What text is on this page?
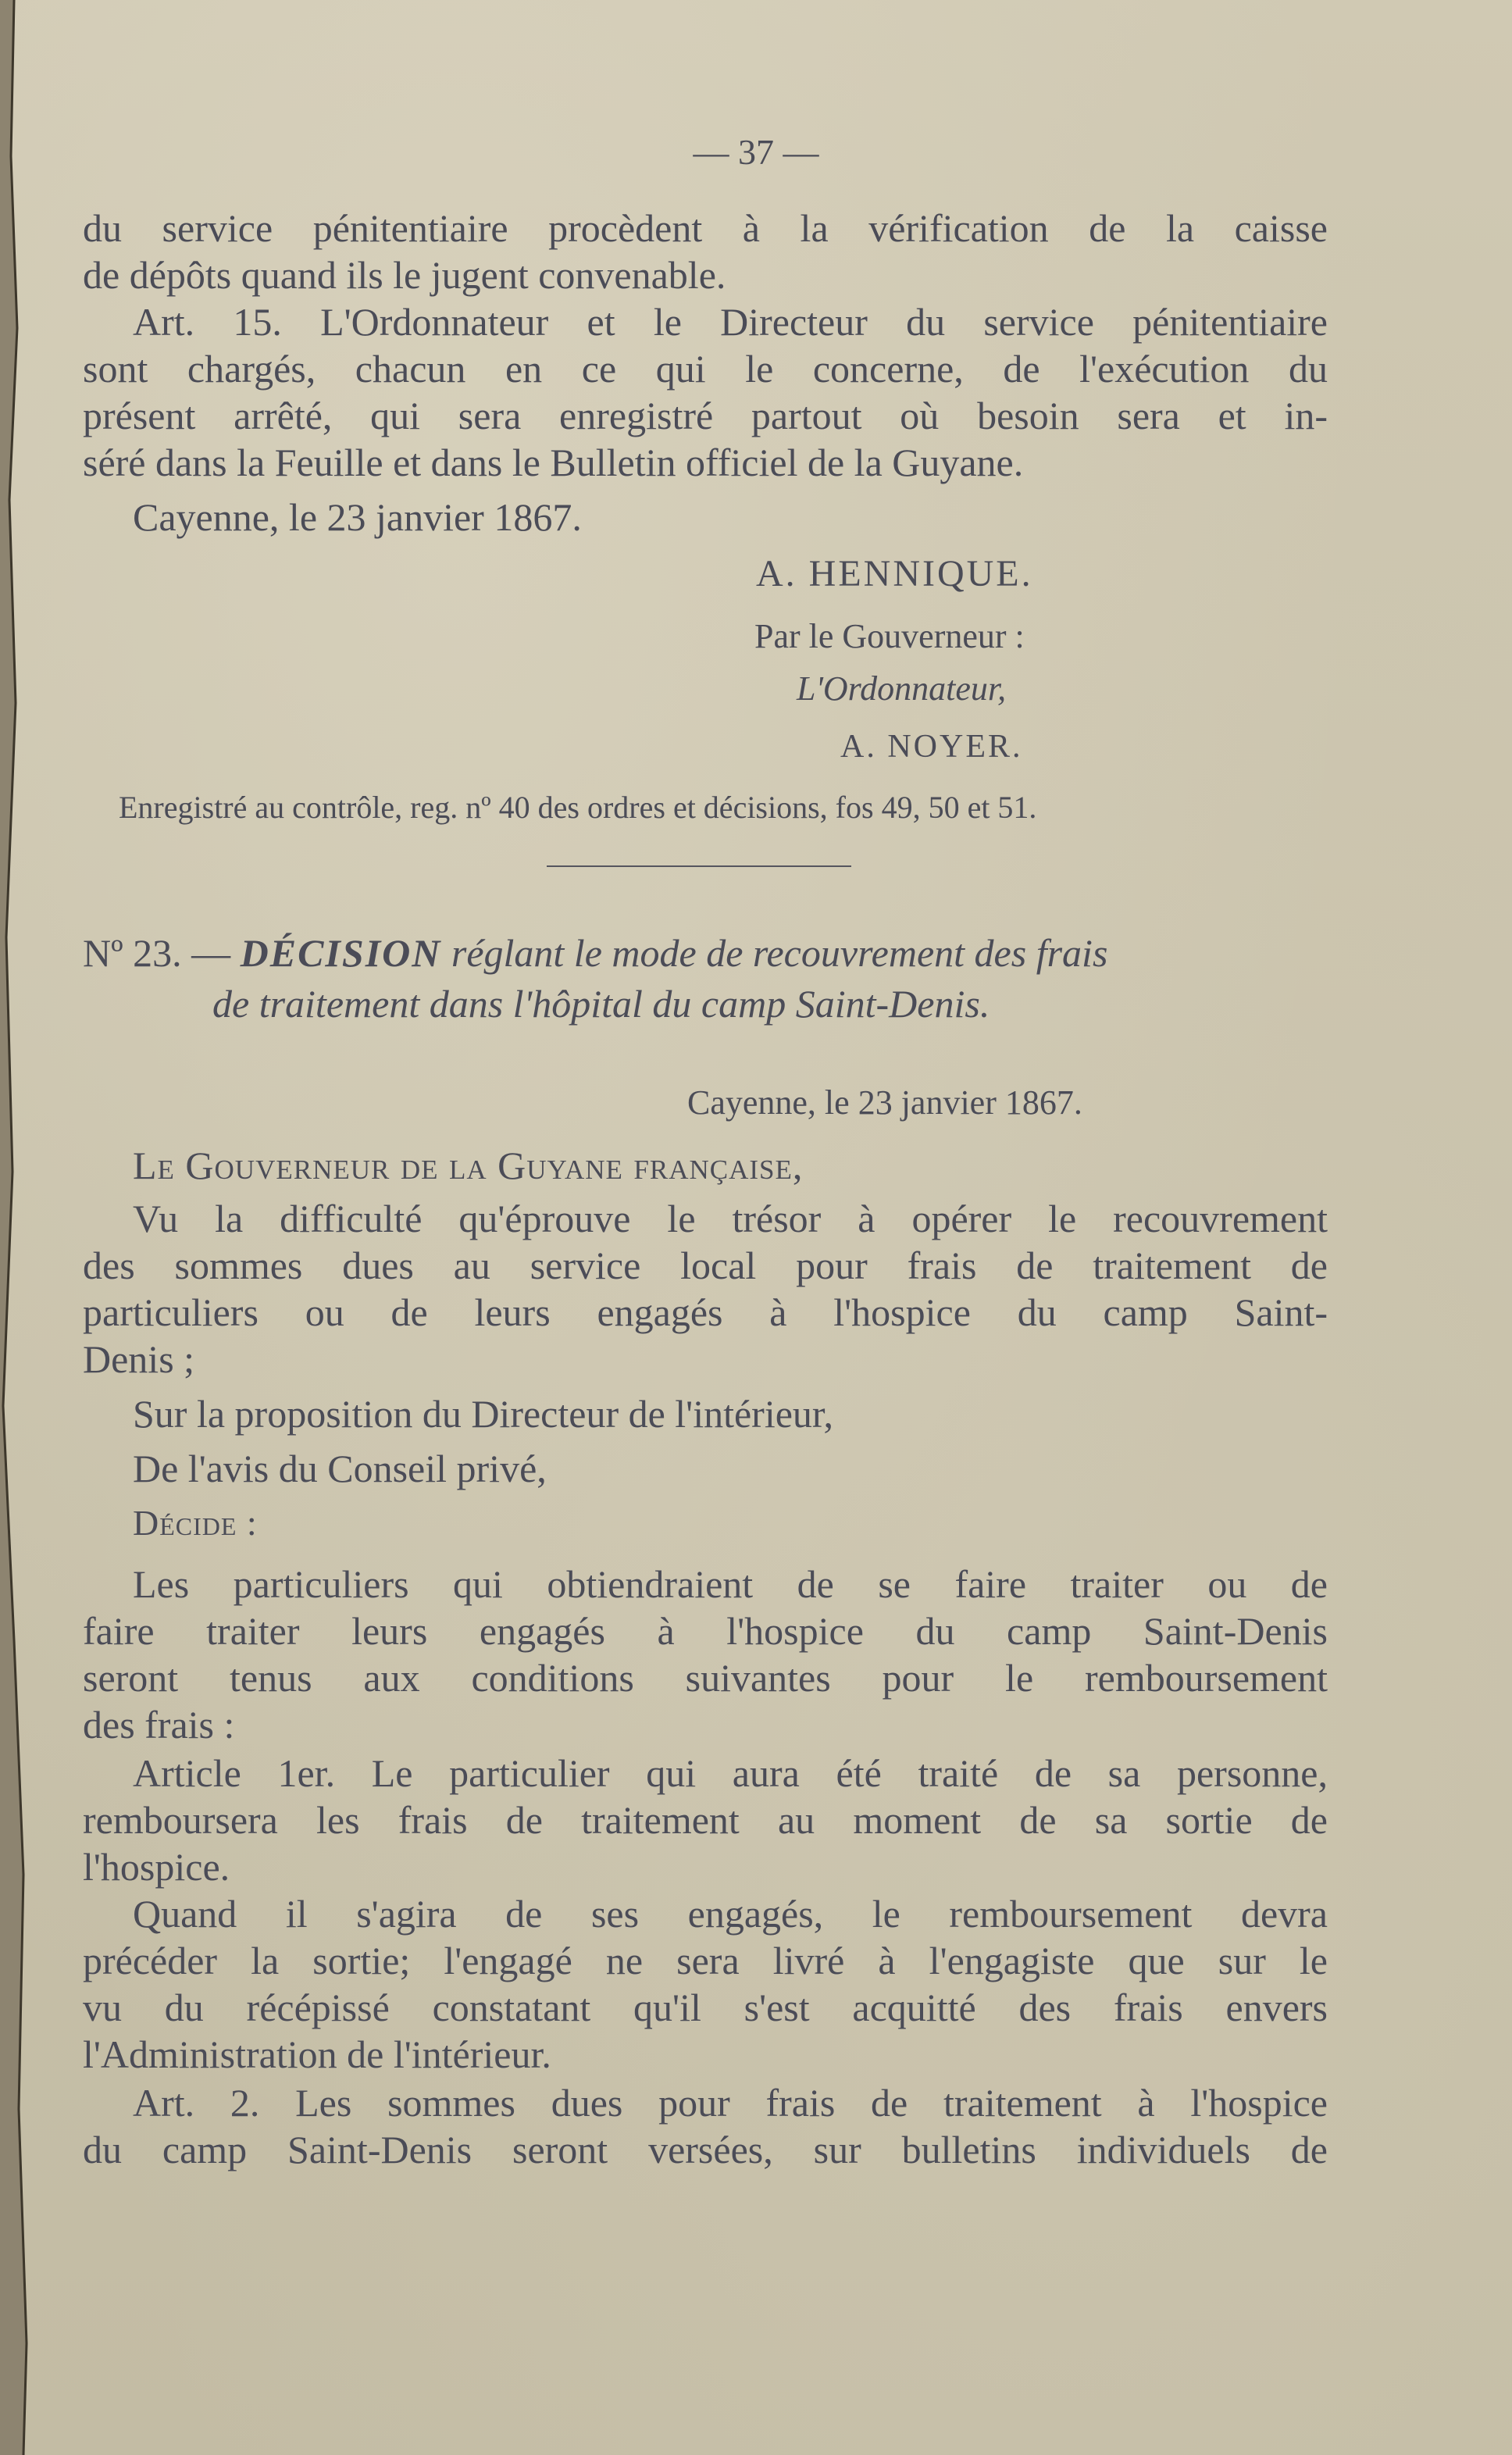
— 37 —
du service pénitentiaire procèdent à la vérification de la caisse
de dépôts quand ils le jugent convenable.
Art. 15. L'Ordonnateur et le Directeur du service pénitentiaire
sont chargés, chacun en ce qui le concerne, de l'exécution du
présent arrêté, qui sera enregistré partout où besoin sera et in-
séré dans la Feuille et dans le Bulletin officiel de la Guyane.
Cayenne, le 23 janvier 1867.
A. HENNIQUE.
Par le Gouverneur :
L'Ordonnateur,
A. NOYER.
Enregistré au contrôle, reg. nº 40 des ordres et décisions, fos 49, 50 et 51.
Nº 23. — DÉCISION réglant le mode de recouvrement des frais
de traitement dans l'hôpital du camp Saint-Denis.
Cayenne, le 23 janvier 1867.
Le Gouverneur de la Guyane française,
Vu la difficulté qu'éprouve le trésor à opérer le recouvrement
des sommes dues au service local pour frais de traitement de
particuliers ou de leurs engagés à l'hospice du camp Saint-
Denis ;
Sur la proposition du Directeur de l'intérieur,
De l'avis du Conseil privé,
Décide :
Les particuliers qui obtiendraient de se faire traiter ou de
faire traiter leurs engagés à l'hospice du camp Saint-Denis
seront tenus aux conditions suivantes pour le remboursement
des frais :
Article 1er. Le particulier qui aura été traité de sa personne,
remboursera les frais de traitement au moment de sa sortie de
l'hospice.
Quand il s'agira de ses engagés, le remboursement devra
précéder la sortie; l'engagé ne sera livré à l'engagiste que sur le
vu du récépissé constatant qu'il s'est acquitté des frais envers
l'Administration de l'intérieur.
Art. 2. Les sommes dues pour frais de traitement à l'hospice
du camp Saint-Denis seront versées, sur bulletins individuels de
